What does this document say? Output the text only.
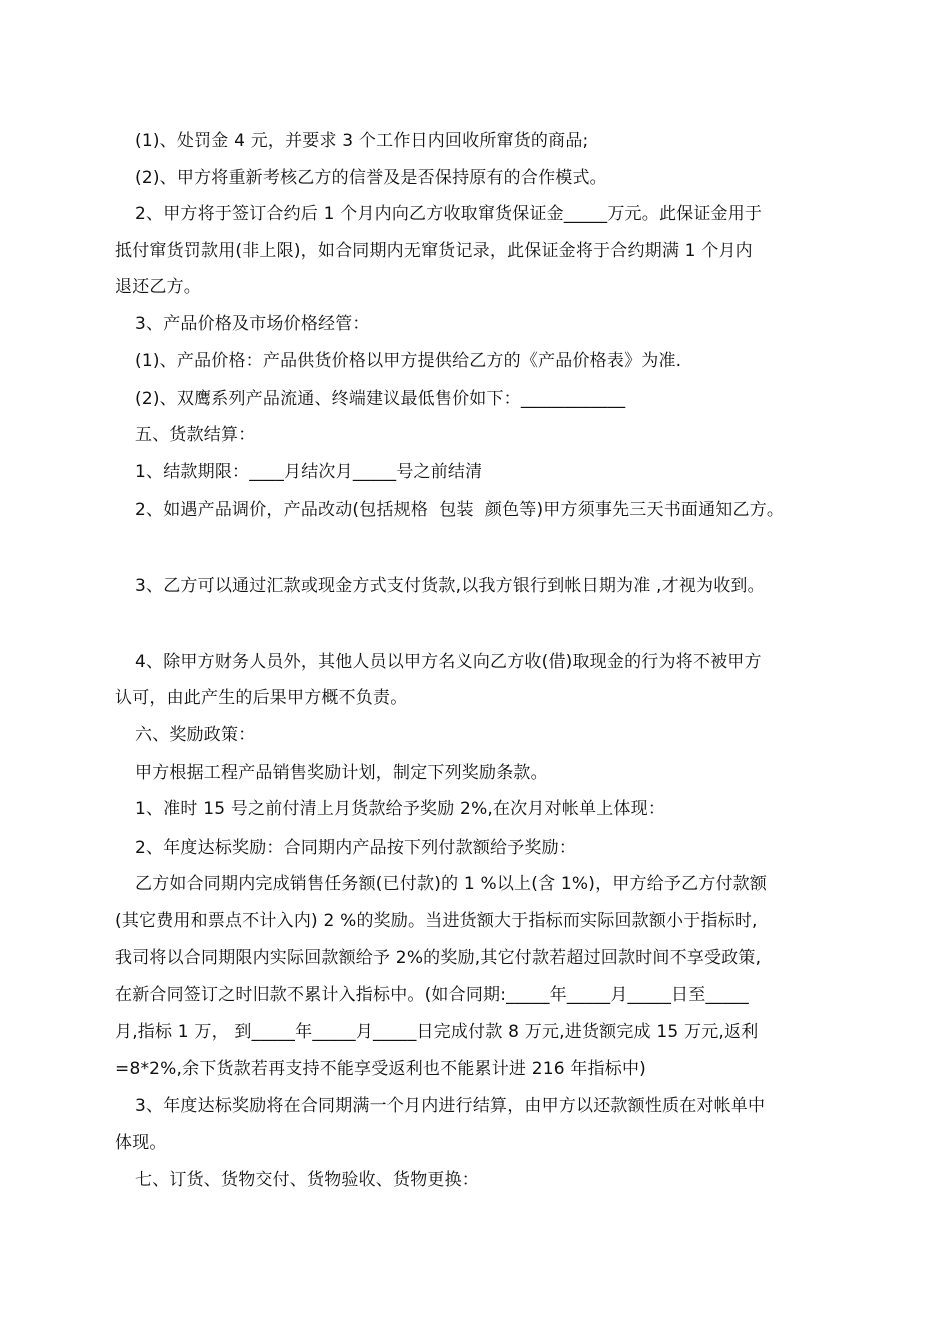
(1)、处罚金 4 元，并要求 3 个工作日内回收所窜货的商品;
(2)、甲方将重新考核乙方的信誉及是否保持原有的合作模式。
2、甲方将于签订合约后 1 个月内向乙方收取窜货保证金_____万元。此保证金用于
抵付窜货罚款用(非上限)，如合同期内无窜货记录，此保证金将于合约期满 1 个月内
退还乙方。
3、产品价格及市场价格经管：
(1)、产品价格：产品供货价格以甲方提供给乙方的《产品价格表》为准.
(2)、双鹰系列产品流通、终端建议最低售价如下：____________
五、货款结算：
1、结款期限：____月结次月_____号之前结清
2、如遇产品调价，产品改动(包括规格  包装  颜色等)甲方须事先三天书面通知乙方。
3、乙方可以通过汇款或现金方式支付货款,以我方银行到帐日期为准 ,才视为收到。
4、除甲方财务人员外，其他人员以甲方名义向乙方收(借)取现金的行为将不被甲方
认可，由此产生的后果甲方概不负责。
六、奖励政策：
甲方根据工程产品销售奖励计划，制定下列奖励条款。
1、准时 15 号之前付清上月货款给予奖励 2%,在次月对帐单上体现：
2、年度达标奖励：合同期内产品按下列付款额给予奖励：
乙方如合同期内完成销售任务额(已付款)的 1 %以上(含 1%)，甲方给予乙方付款额
(其它费用和票点不计入内) 2 %的奖励。当进货额大于指标而实际回款额小于指标时,
我司将以合同期限内实际回款额给予 2%的奖励,其它付款若超过回款时间不享受政策,
在新合同签订之时旧款不累计入指标中。(如合同期:_____年_____月_____日至_____
月,指标 1 万， 到_____年_____月_____日完成付款 8 万元,进货额完成 15 万元,返利
=8*2%,余下货款若再支持不能享受返利也不能累计进 216 年指标中)
3、年度达标奖励将在合同期满一个月内进行结算，由甲方以还款额性质在对帐单中
体现。
七、订货、货物交付、货物验收、货物更换：
